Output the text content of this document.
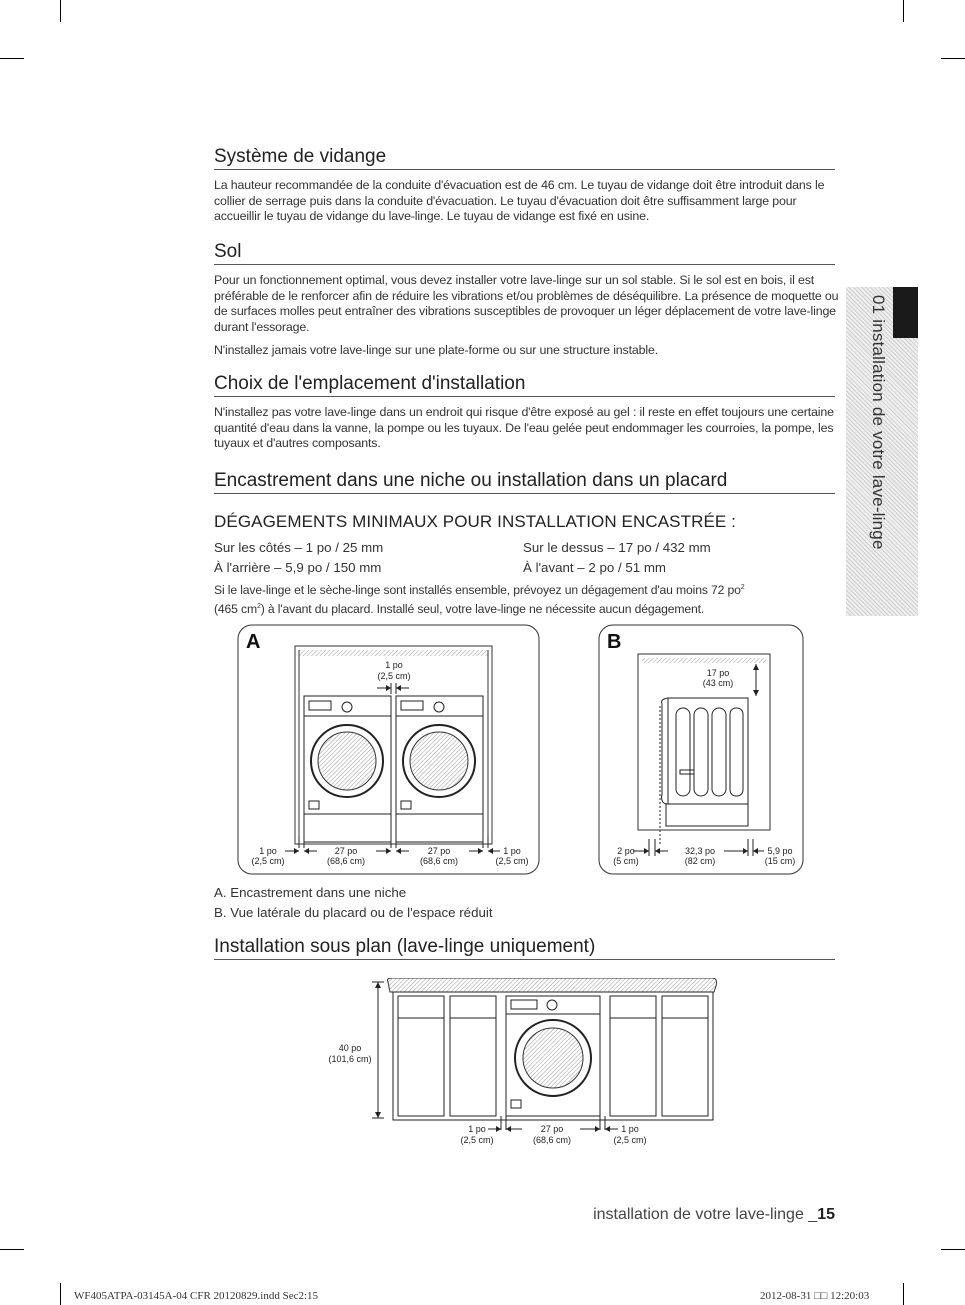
Système de vidange

La hauteur recommandée de la conduite d'évacuation est de 46 cm. Le tuyau de vidange doit être introduit dans le collier de serrage puis dans la conduite d'évacuation. Le tuyau d'évacuation doit être suffisamment large pour accueillir le tuyau de vidange du lave-linge. Le tuyau de vidange est fixé en usine.

Sol

Pour un fonctionnement optimal, vous devez installer votre lave-linge sur un sol stable. Si le sol est en bois, il est préférable de le renforcer afin de réduire les vibrations et/ou problèmes de déséquilibre. La présence de moquette ou de surfaces molles peut entraîner des vibrations susceptibles de provoquer un léger déplacement de votre lave-linge durant l'essorage.

N'installez jamais votre lave-linge sur une plate-forme ou sur une structure instable.

Choix de l'emplacement d'installation

N'installez pas votre lave-linge dans un endroit qui risque d'être exposé au gel : il reste en effet toujours une certaine quantité d'eau dans la vanne, la pompe ou les tuyaux. De l'eau gelée peut endommager les courroies, la pompe, les tuyaux et d'autres composants.

Encastrement dans une niche ou installation dans un placard
DÉGAGEMENTS MINIMAUX POUR INSTALLATION ENCASTRÉE :
Sur les côtés – 1 po / 25 mm	Sur le dessus – 17 po / 432 mm
À l'arrière – 5,9 po / 150 mm	À l'avant – 2 po / 51 mm

Si le lave-linge et le sèche-linge sont installés ensemble, prévoyez un dégagement d'au moins 72 $po^2$
(465 $cm^2$) à l'avant du placard. Installé seul, votre lave-linge ne nécessite aucun dégagement.

A
1 po
(2,5 cm)
1 po
(2,5 cm)
27 po
(68,6 cm)
27 po
(68,6 cm)
1 po
(2,5 cm)
B
17 po
(43 cm)
2 po
(5 cm)
32,3 po
(82 cm)
5,9 po
(15 cm)
A. Encastrement dans une niche
B. Vue latérale du placard ou de l'espace réduit
Installation sous plan (lave-linge uniquement)
40 po
(101,6 cm)
1 po
(2,5 cm)
27 po
(68,6 cm)
1 po
(2,5 cm)
01 installation de votre lave-linge
installation de votre lave-linge _15
WF405ATPA-03145A-04 CFR 20120829.indd Sec2:15	2012-08-31 □□ 12:20:03
